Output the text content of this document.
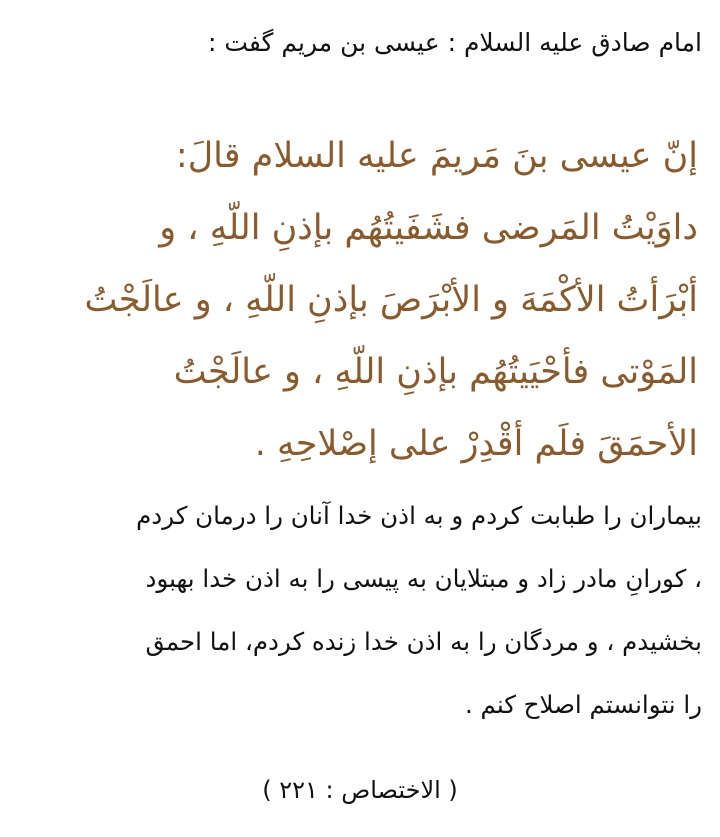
امام صادق علیه السلام : عیسی بن مریم گفت :
إنّ عيسى بنَ مَريمَ عليه السلام قالَ:
داوَيْتُ المَرضى فشَفَيتُهُم بإذنِ اللّهِ ، و
أبْرَأتُ الأكْمَهَ و الأبْرَصَ بإذنِ اللّهِ ، و عالَجْتُ
المَوْتى فأحْيَيتُهُم بإذنِ اللّهِ ، و عالَجْتُ
الأحمَقَ فلَم أقْدِرْ على إصْلاحِهِ .
بیماران را طبابت کردم و به اذن خدا آنان را درمان کردم
، کورانِ مادر زاد و مبتلایان به پیسی را به اذن خدا بهبود
بخشیدم ، و مردگان را به اذن خدا زنده کردم، اما احمق
را نتوانستم اصلاح کنم .
( الاختصاص : ٢٢١ )
